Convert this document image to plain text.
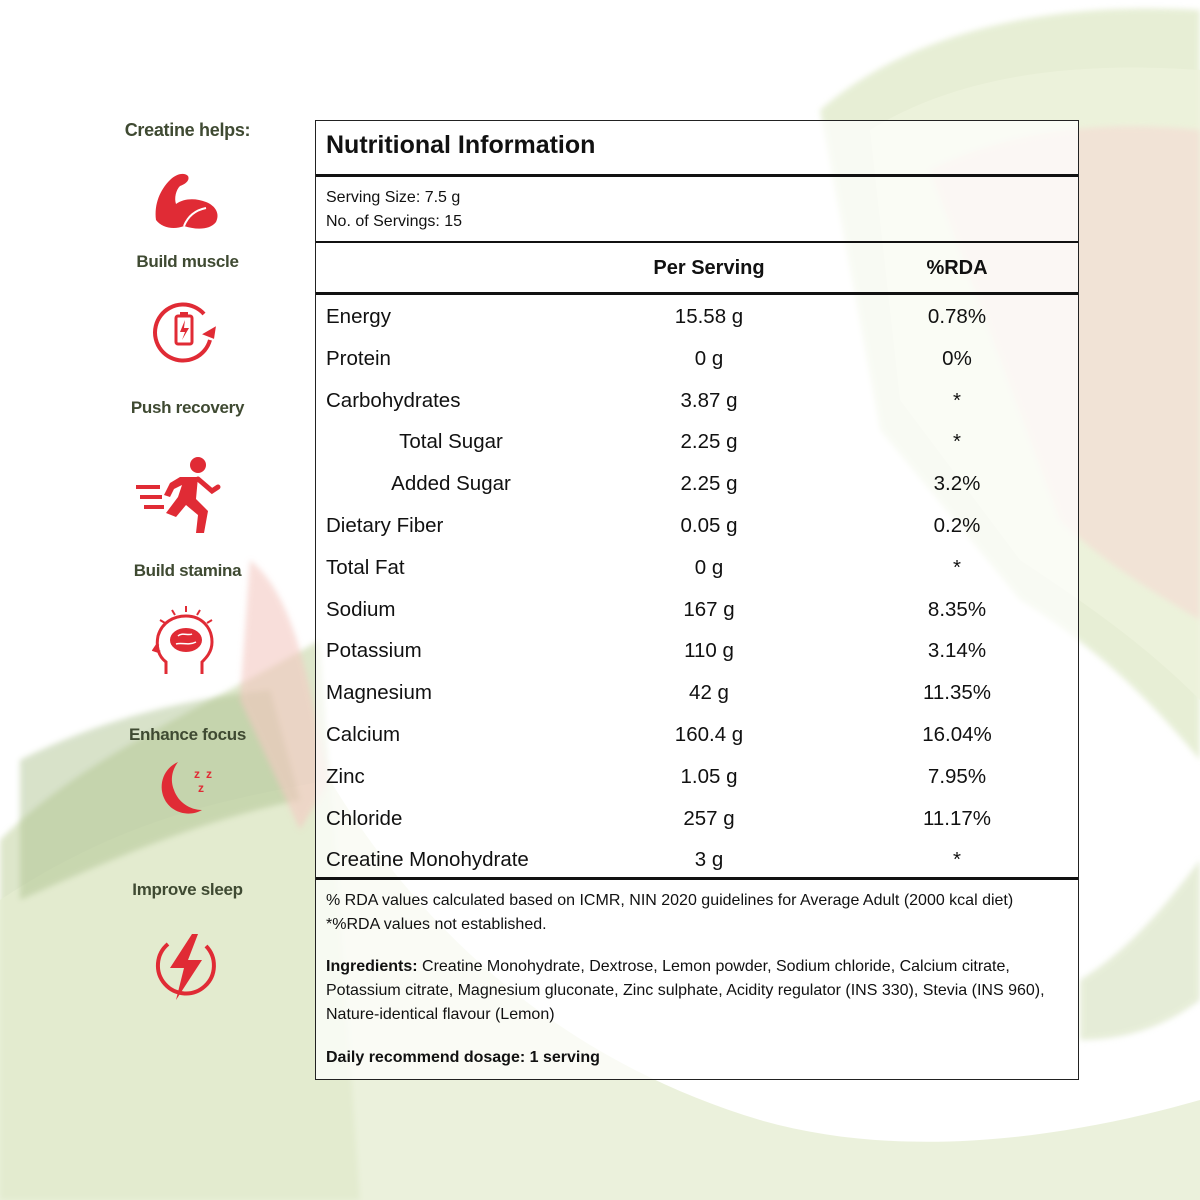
Creatine helps:
Build muscle
Push recovery
Build stamina
Enhance focus
z z
z
Improve sleep
Nutritional Information
Serving Size: 7.5 g
No. of Servings: 15
Per Serving	%RDA
Energy	15.58 g	0.78%
Protein	0 g	0%
Carbohydrates	3.87 g	*
Total Sugar	2.25 g	*
Added Sugar	2.25 g	3.2%
Dietary Fiber	0.05 g	0.2%
Total Fat	0 g	*
Sodium	167 g	8.35%
Potassium	110 g	3.14%
Magnesium	42 g	11.35%
Calcium	160.4 g	16.04%
Zinc	1.05 g	7.95%
Chloride	257 g	11.17%
Creatine Monohydrate	3 g	*
% RDA values calculated based on ICMR, NIN 2020 guidelines for Average Adult (2000 kcal diet)
*%RDA values not established.
Ingredients: Creatine Monohydrate, Dextrose, Lemon powder, Sodium chloride, Calcium citrate, Potassium citrate, Magnesium gluconate, Zinc sulphate, Acidity regulator (INS 330), Stevia (INS 960), Nature-identical flavour (Lemon)
Daily recommend dosage: 1 serving
